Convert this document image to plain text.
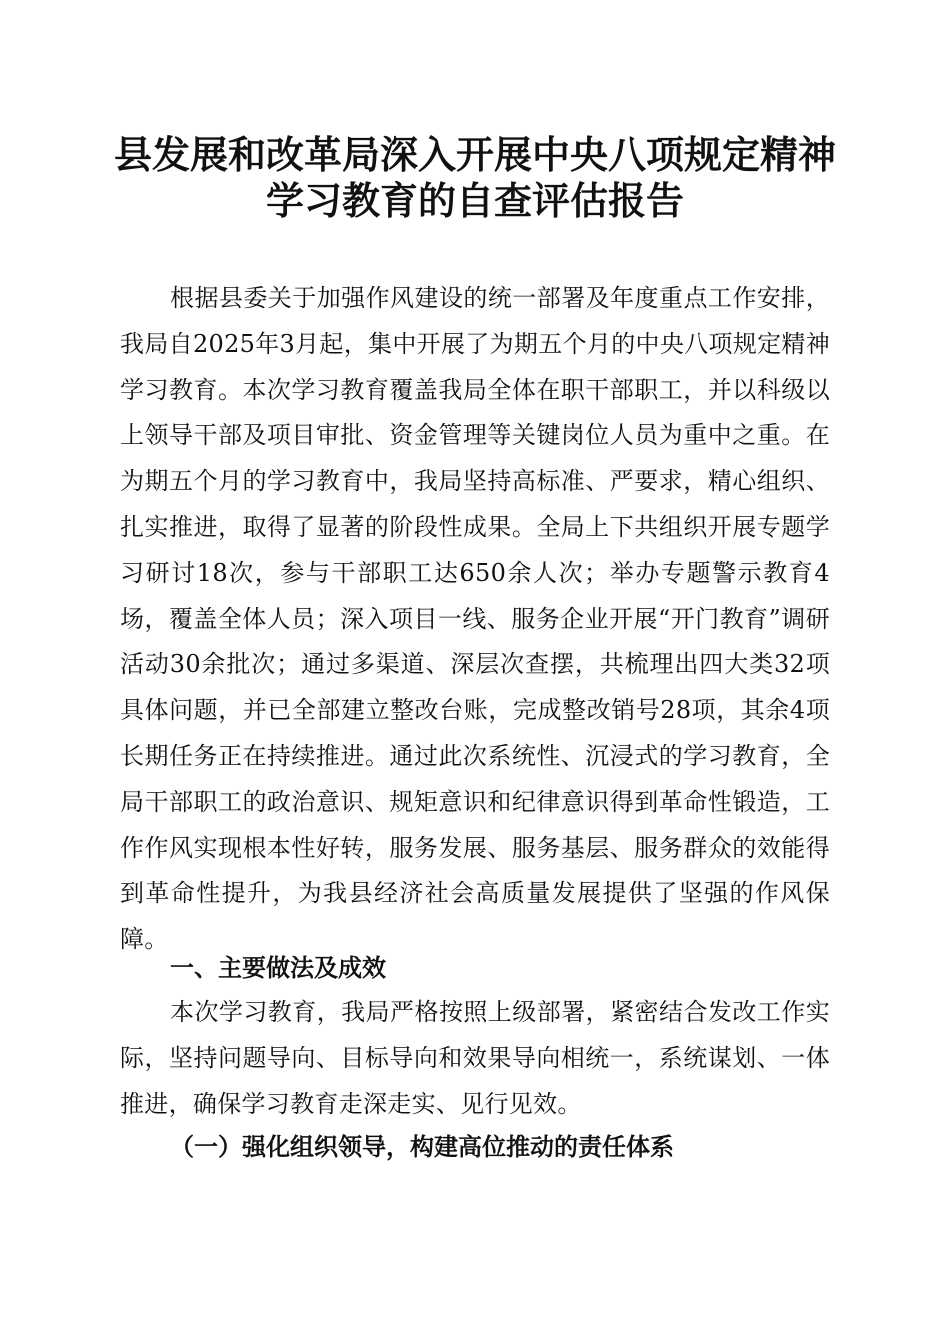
县发展和改革局深入开展中央八项规定精神学习教育的自查评估报告

根据县委关于加强作风建设的统一部署及年度重点工作安排，我局自2025年3月起，集中开展了为期五个月的中央八项规定精神学习教育。本次学习教育覆盖我局全体在职干部职工，并以科级以上领导干部及项目审批、资金管理等关键岗位人员为重中之重。在为期五个月的学习教育中，我局坚持高标准、严要求，精心组织、扎实推进，取得了显著的阶段性成果。全局上下共组织开展专题学习研讨18次，参与干部职工达650余人次；举办专题警示教育4场，覆盖全体人员；深入项目一线、服务企业开展“开门教育”调研活动30余批次；通过多渠道、深层次查摆，共梳理出四大类32项具体问题，并已全部建立整改台账，完成整改销号28项，其余4项长期任务正在持续推进。通过此次系统性、沉浸式的学习教育，全局干部职工的政治意识、规矩意识和纪律意识得到革命性锻造，工作作风实现根本性好转，服务发展、服务基层、服务群众的效能得到革命性提升，为我县经济社会高质量发展提供了坚强的作风保障。

一、主要做法及成效

本次学习教育，我局严格按照上级部署，紧密结合发改工作实际，坚持问题导向、目标导向和效果导向相统一，系统谋划、一体推进，确保学习教育走深走实、见行见效。

（一）强化组织领导，构建高位推动的责任体系
